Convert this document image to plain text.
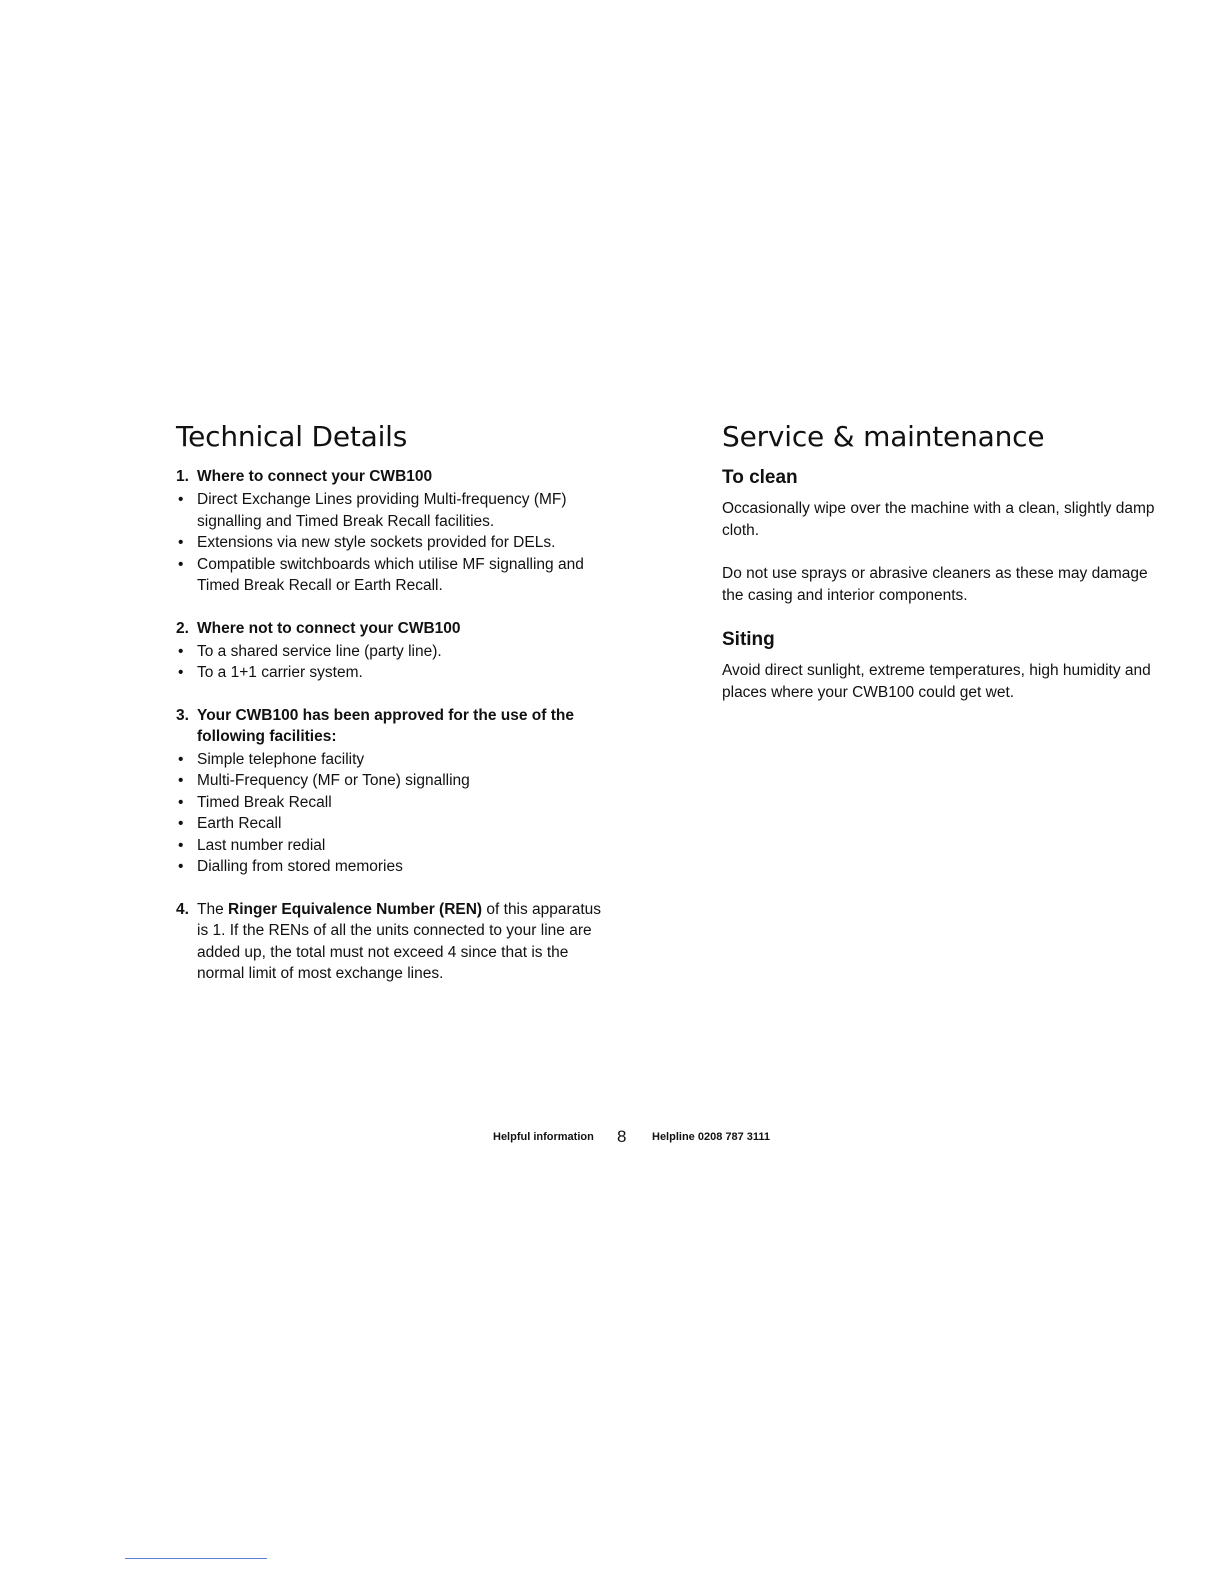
Technical Details
1. Where to connect your CWB100
• Direct Exchange Lines providing Multi-frequency (MF) signalling and Timed Break Recall facilities.
• Extensions via new style sockets provided for DELs.
• Compatible switchboards which utilise MF signalling and Timed Break Recall or Earth Recall.
2. Where not to connect your CWB100
• To a shared service line (party line).
• To a 1+1 carrier system.
3. Your CWB100 has been approved for the use of the following facilities:
• Simple telephone facility
• Multi-Frequency (MF or Tone) signalling
• Timed Break Recall
• Earth Recall
• Last number redial
• Dialling from stored memories
4. The Ringer Equivalence Number (REN) of this apparatus is 1. If the RENs of all the units connected to your line are added up, the total must not exceed 4 since that is the normal limit of most exchange lines.
Service & maintenance
To clean

Occasionally wipe over the machine with a clean, slightly damp cloth.

Do not use sprays or abrasive cleaners as these may damage the casing and interior components.

Siting

Avoid direct sunlight, extreme temperatures, high humidity and places where your CWB100 could get wet.

Helpful information 8 Helpline 0208 787 3111
